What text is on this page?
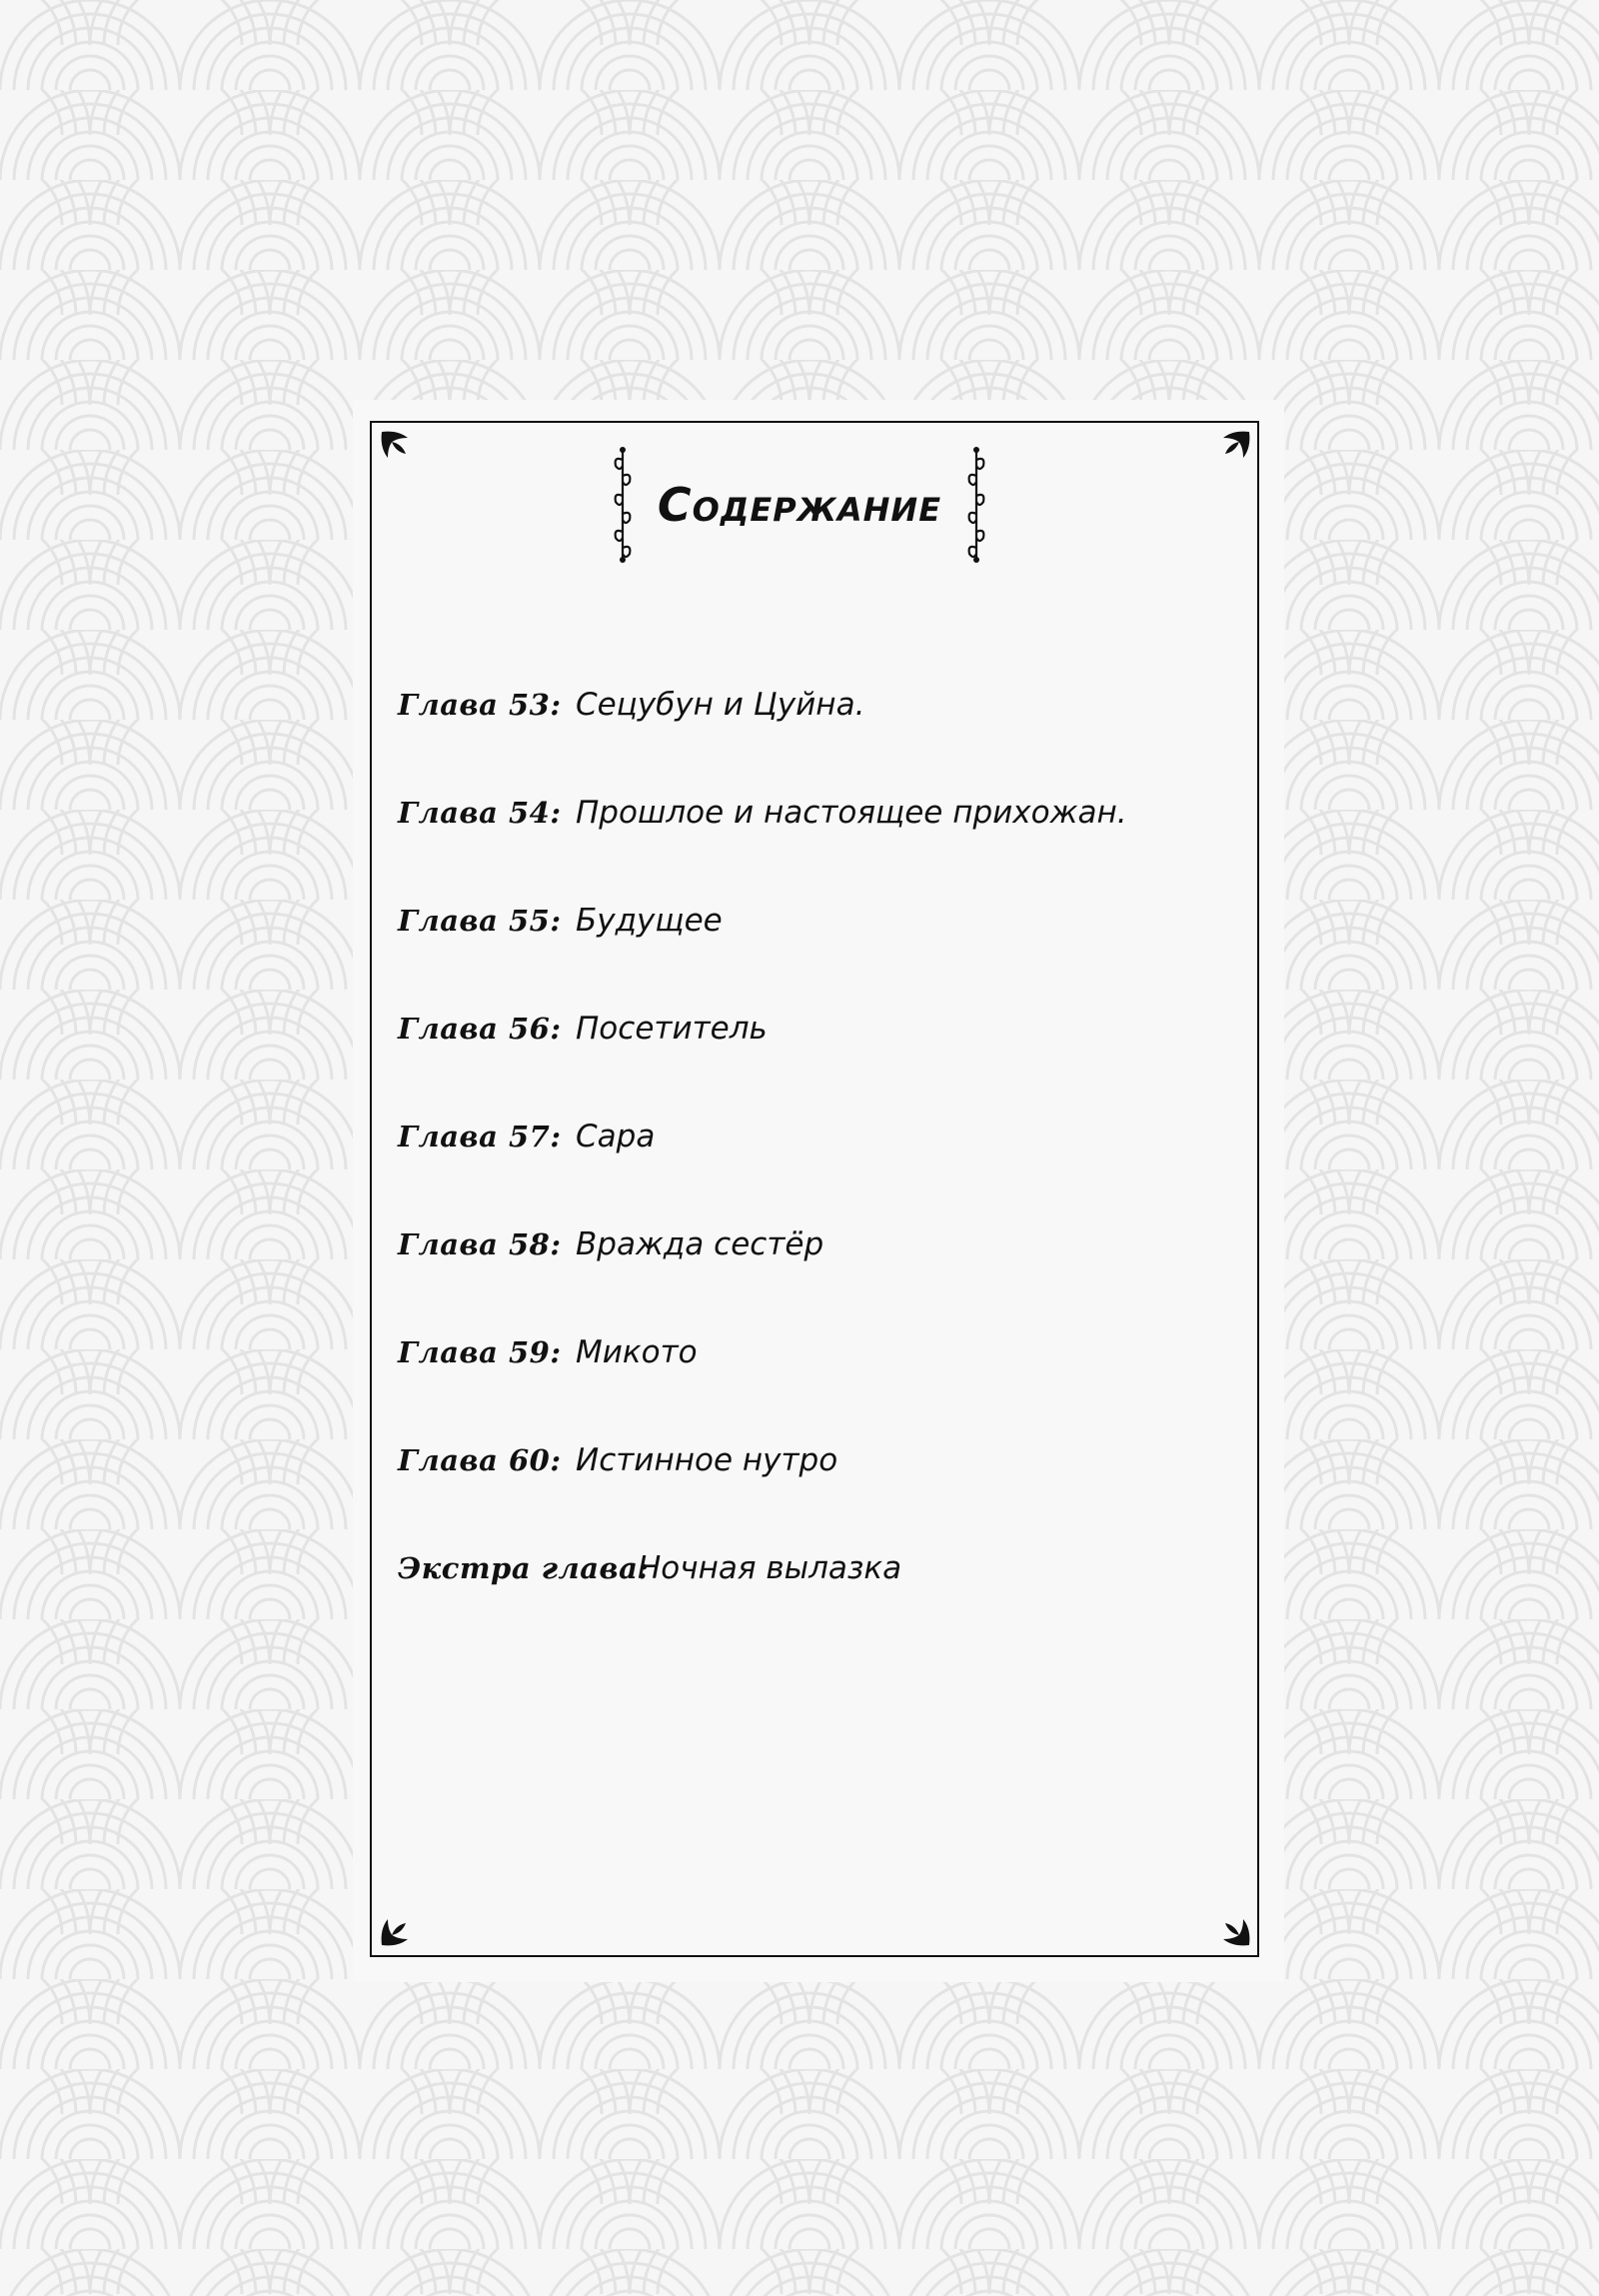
Содержание
Глава 53: Сецубун и Цуйна.
Глава 54: Прошлое и настоящее прихожан.
Глава 55: Будущее
Глава 56: Посетитель
Глава 57: Сара
Глава 58: Вражда сестёр
Глава 59: Микото
Глава 60: Истинное нутро
Экстра глава:
Ночная вылазка
